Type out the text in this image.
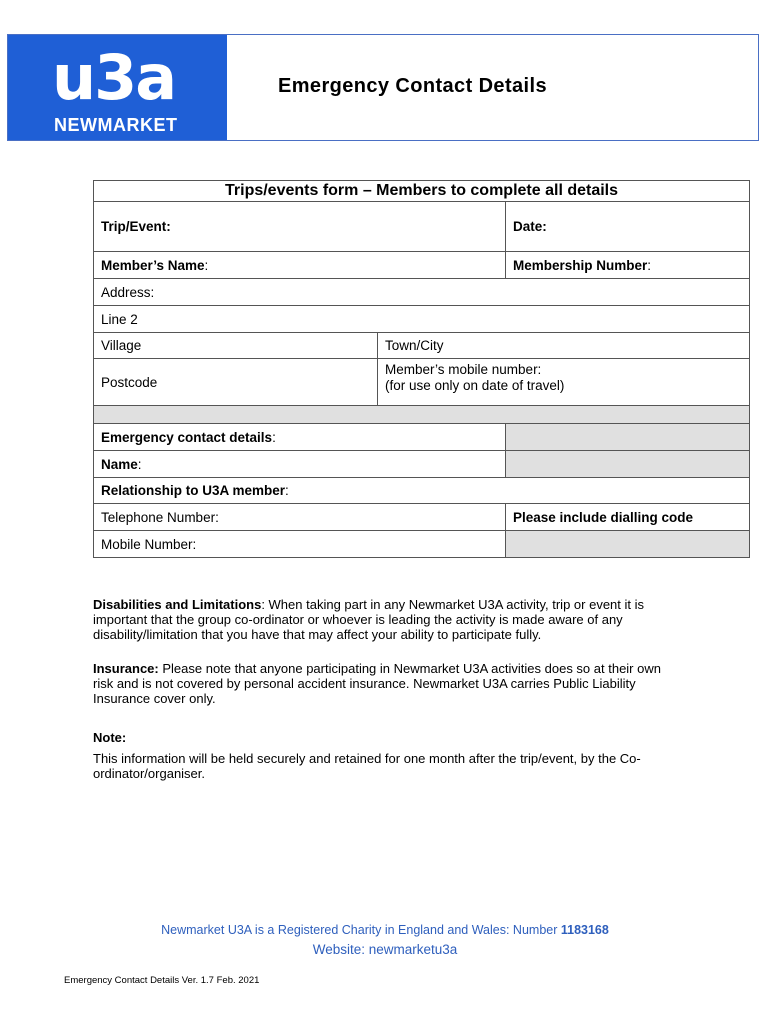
u3a
NEWMARKET
Emergency Contact Details
Trips/events form – Members to complete all details		
Trip/Event:		Date:
Member’s Name:		Membership Number:
Address:		
Line 2		
Village	Town/City	
Postcode	Member’s mobile number:
(for use only on date of travel)	

Emergency contact details:		
Name:		
Relationship to U3A member:		
Telephone Number:		Please include dialling code
Mobile Number:		
Disabilities and Limitations: When taking part in any Newmarket U3A activity, trip or event it is important that the group co-ordinator or whoever is leading the activity is made aware of any disability/limitation that you have that may affect your ability to participate fully.
Insurance: Please note that anyone participating in Newmarket U3A activities does so at their own risk and is not covered by personal accident insurance. Newmarket U3A carries Public Liability Insurance cover only.
Note:
This information will be held securely and retained for one month after the trip/event, by the Co-ordinator/organiser.
Newmarket U3A is a Registered Charity in England and Wales: Number 1183168
Website: newmarketu3a
Emergency Contact Details Ver. 1.7 Feb. 2021
